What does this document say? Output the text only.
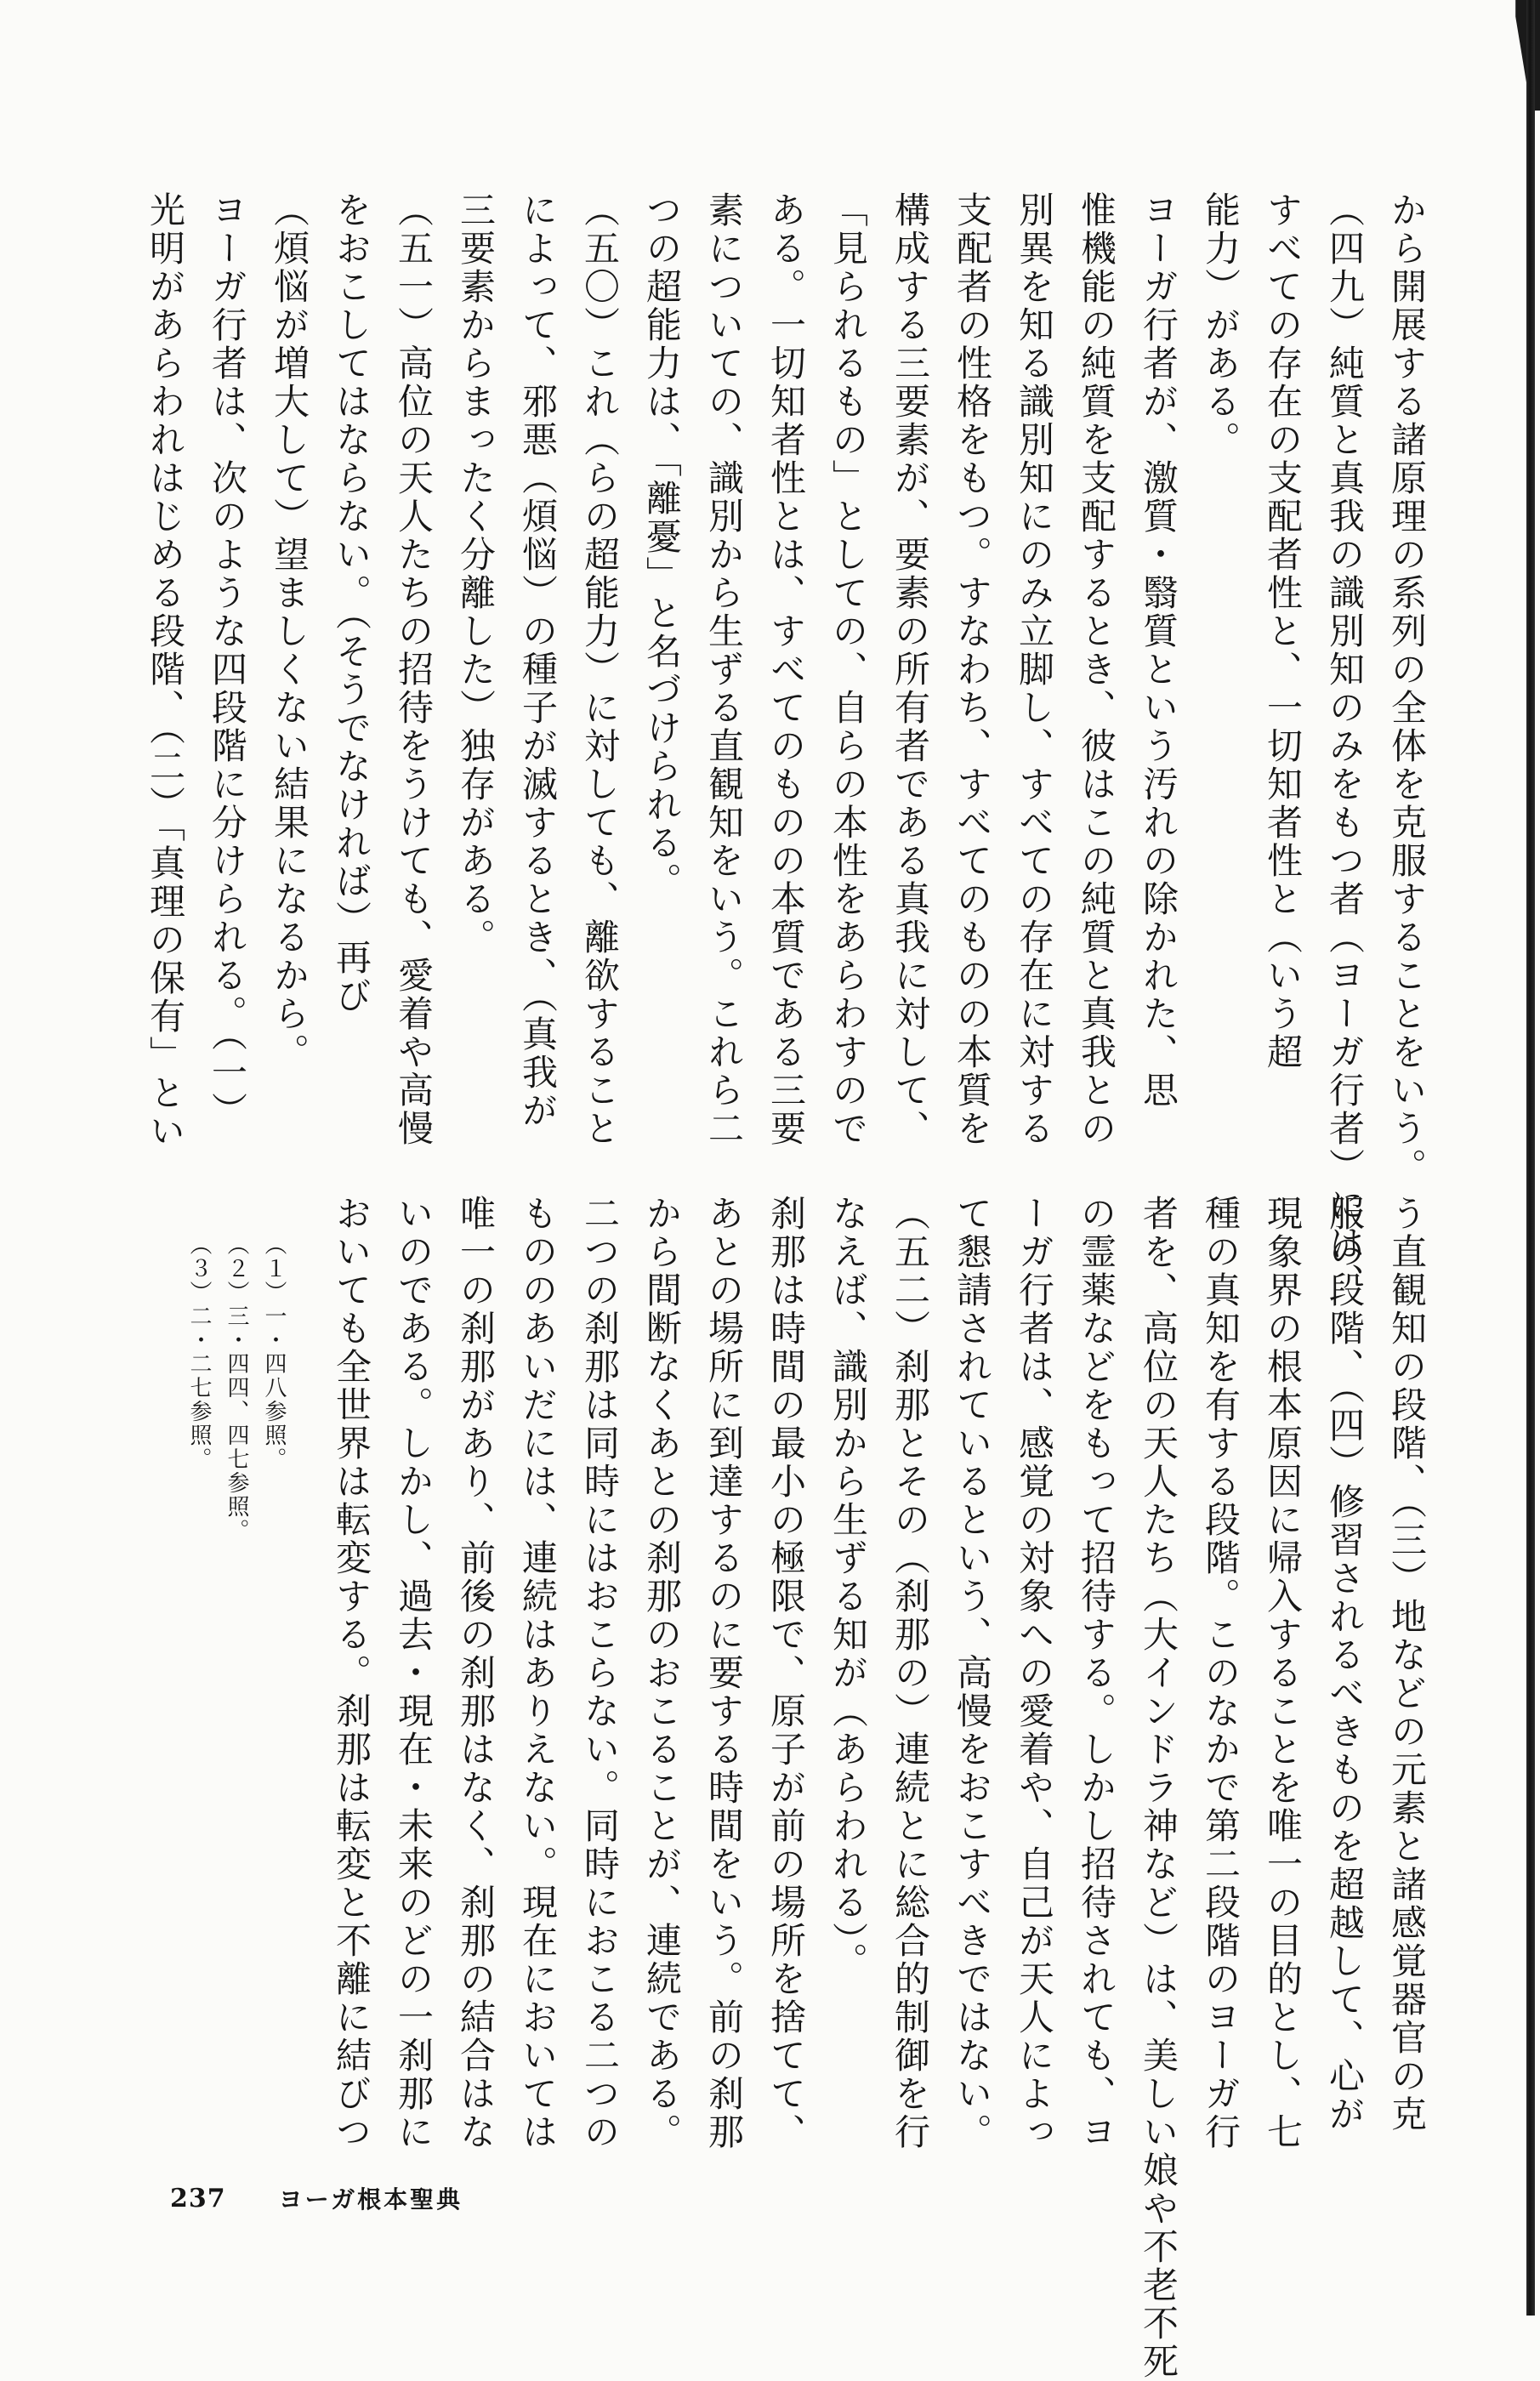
から開展する諸原理の系列の全体を克服することをいう。
（四九）純質と真我の識別知のみをもつ者（ヨーガ行者）には、
すべての存在の支配者性と、一切知者性と（いう超
能力）がある。
ヨーガ行者が、激質・翳質という汚れの除かれた、思
惟機能の純質を支配するとき、彼はこの純質と真我との
別異を知る識別知にのみ立脚し、すべての存在に対する
支配者の性格をもつ。すなわち、すべてのものの本質を
構成する三要素が、要素の所有者である真我に対して、
「見られるもの」としての、自らの本性をあらわすので
ある。一切知者性とは、すべてのものの本質である三要
素についての、識別から生ずる直観知をいう。これら二
つの超能力は、「離憂」と名づけられる。
（五〇）これ（らの超能力）に対しても、離欲すること
によって、邪悪（煩悩）の種子が滅するとき、（真我が
三要素からまったく分離した）独存がある。
（五一）高位の天人たちの招待をうけても、愛着や高慢
をおこしてはならない。（そうでなければ）再び
（煩悩が増大して）望ましくない結果になるから。
ヨーガ行者は、次のような四段階に分けられる。（一）
光明があらわれはじめる段階、（二）「真理の保有」とい
う直観知の段階、（三）地などの元素と諸感覚器官の克
服の段階、（四）修習されるべきものを超越して、心が
現象界の根本原因に帰入することを唯一の目的とし、七
種の真知を有する段階。このなかで第二段階のヨーガ行
者を、高位の天人たち（大インドラ神など）は、美しい娘や不老不死
の霊薬などをもって招待する。しかし招待されても、ヨ
ーガ行者は、感覚の対象への愛着や、自己が天人によっ
て懇請されているという、高慢をおこすべきではない。
（五二）刹那とその（刹那の）連続とに総合的制御を行
なえば、識別から生ずる知が（あらわれる）。
刹那は時間の最小の極限で、原子が前の場所を捨てて、
あとの場所に到達するのに要する時間をいう。前の刹那
から間断なくあとの刹那のおこることが、連続である。
二つの刹那は同時にはおこらない。同時におこる二つの
もののあいだには、連続はありえない。現在においては
唯一の刹那があり、前後の刹那はなく、刹那の結合はな
いのである。しかし、過去・現在・未来のどの一刹那に
おいても全世界は転変する。刹那は転変と不離に結びつ
（１）一・四八参照。
（２）三・四四、四七参照。
（３）二・二七参照。
237 ヨーガ根本聖典
